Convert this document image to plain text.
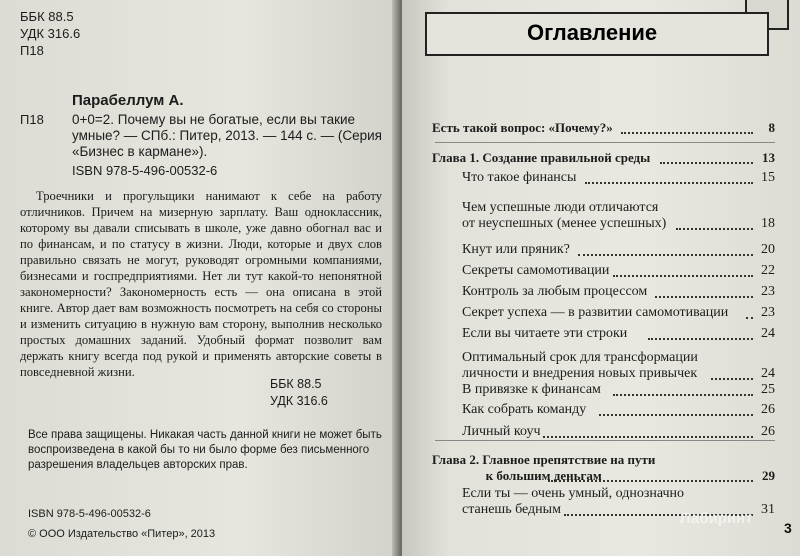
ББК 88.5
УДК 316.6
П18
Парабеллум А.
П18 0+0=2. Почему вы не богатые, если вы такие умные? — СПб.: Питер, 2013. — 144 с. — (Серия «Бизнес в кармане»).
ISBN 978-5-496-00532-6
Троечники и прогульщики нанимают к себе на работу отличников. Причем на мизерную зарплату. Ваш одноклассник, которому вы давали списывать в школе, уже давно обогнал вас и по финансам, и по статусу в жизни. Люди, которые и двух слов правильно связать не могут, руководят огромными компаниями, бизнесами и госпредприятиями. Нет ли тут какой-то непонятной закономерности? Закономерность есть — она описана в этой книге. Автор дает вам возможность посмотреть на себя со стороны и изменить ситуацию в нужную вам сторону, выполнив несколько простых домашних заданий. Удобный формат позволит вам держать книгу всегда под рукой и применять авторские советы в повседневной жизни.
ББК 88.5
УДК 316.6
Все права защищены. Никакая часть данной книги не может быть воспроизведена в какой бы то ни было форме без письменного разрешения владельцев авторских прав.
ISBN 978-5-496-00532-6
© ООО Издательство «Питер», 2013
Оглавление
Есть такой вопрос: «Почему?»	8
Глава 1. Создание правильной среды	13
Что такое финансы	15
Чем успешные люди отличаются
от неуспешных (менее успешных)	18
Кнут или пряник?	20
Секреты самомотивации	22
Контроль за любым процессом	23
Секрет успеха — в развитии самомотивации 23
Если вы читаете эти строки	24
Оптимальный срок для трансформации
личности и внедрения новых привычек	24
В привязке к финансам	25
Как собрать команду	26
Личный коуч	26
Глава 2. Главное препятствие на пути
к большим деньгам	29
Если ты — очень умный, однозначно
станешь бедным	31
3
Лабиринт
